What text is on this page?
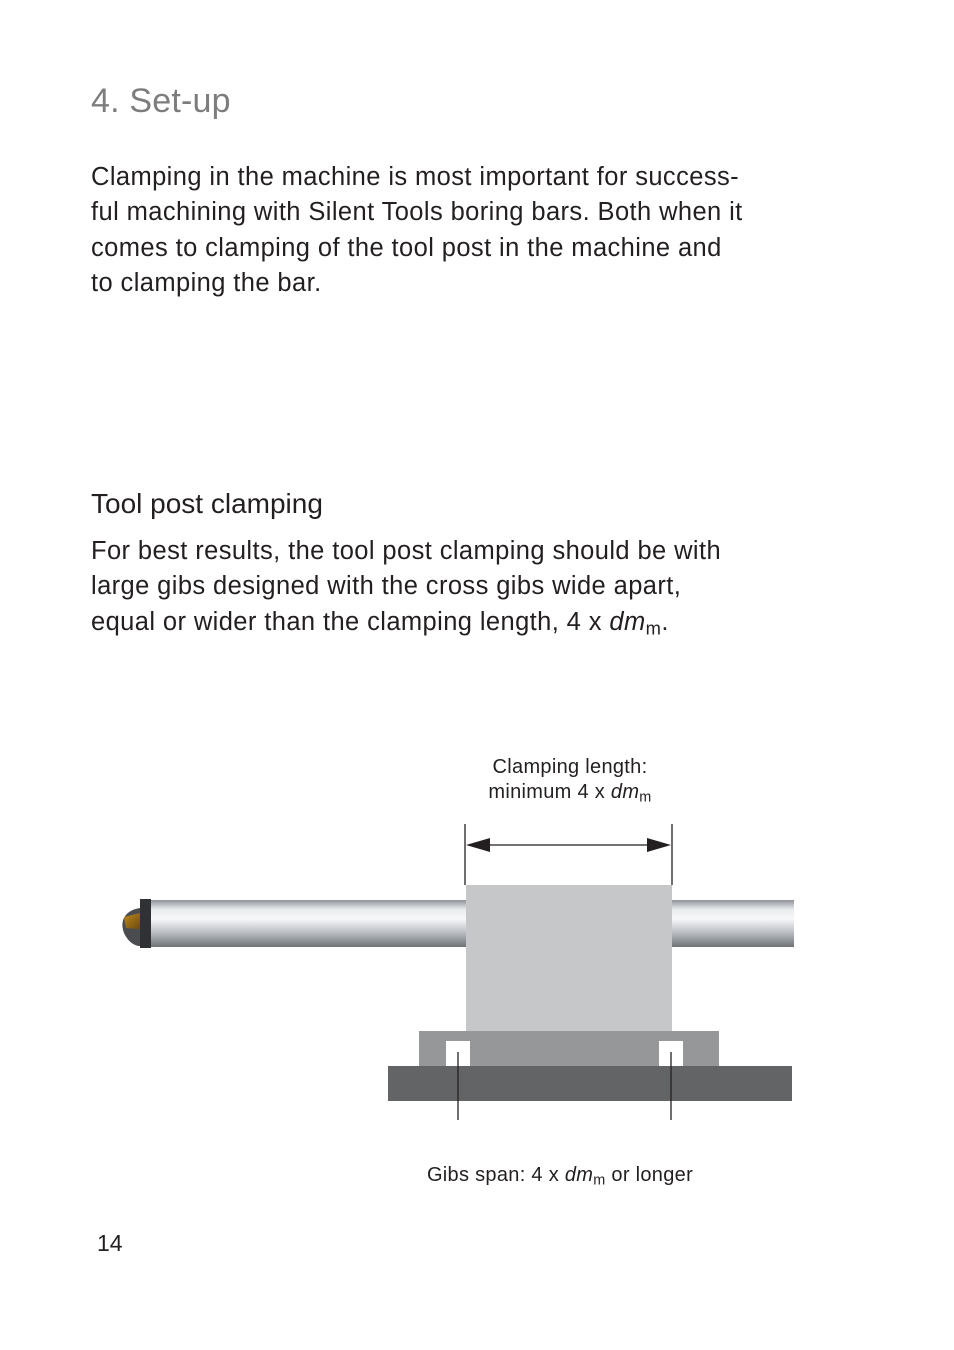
4. Set-up

Clamping in the machine is most important for success-
ful machining with Silent Tools boring bars. Both when it
comes to clamping of the tool post in the machine and
to clamping the bar.

Tool post clamping

For best results, the tool post clamping should be with
large gibs designed with the cross gibs wide apart,
equal or wider than the clamping length, 4 x $dm_m$.

Clamping length:
minimum 4 x $dm_m$
Gibs span: 4 x $dm_m$ or longer
14
